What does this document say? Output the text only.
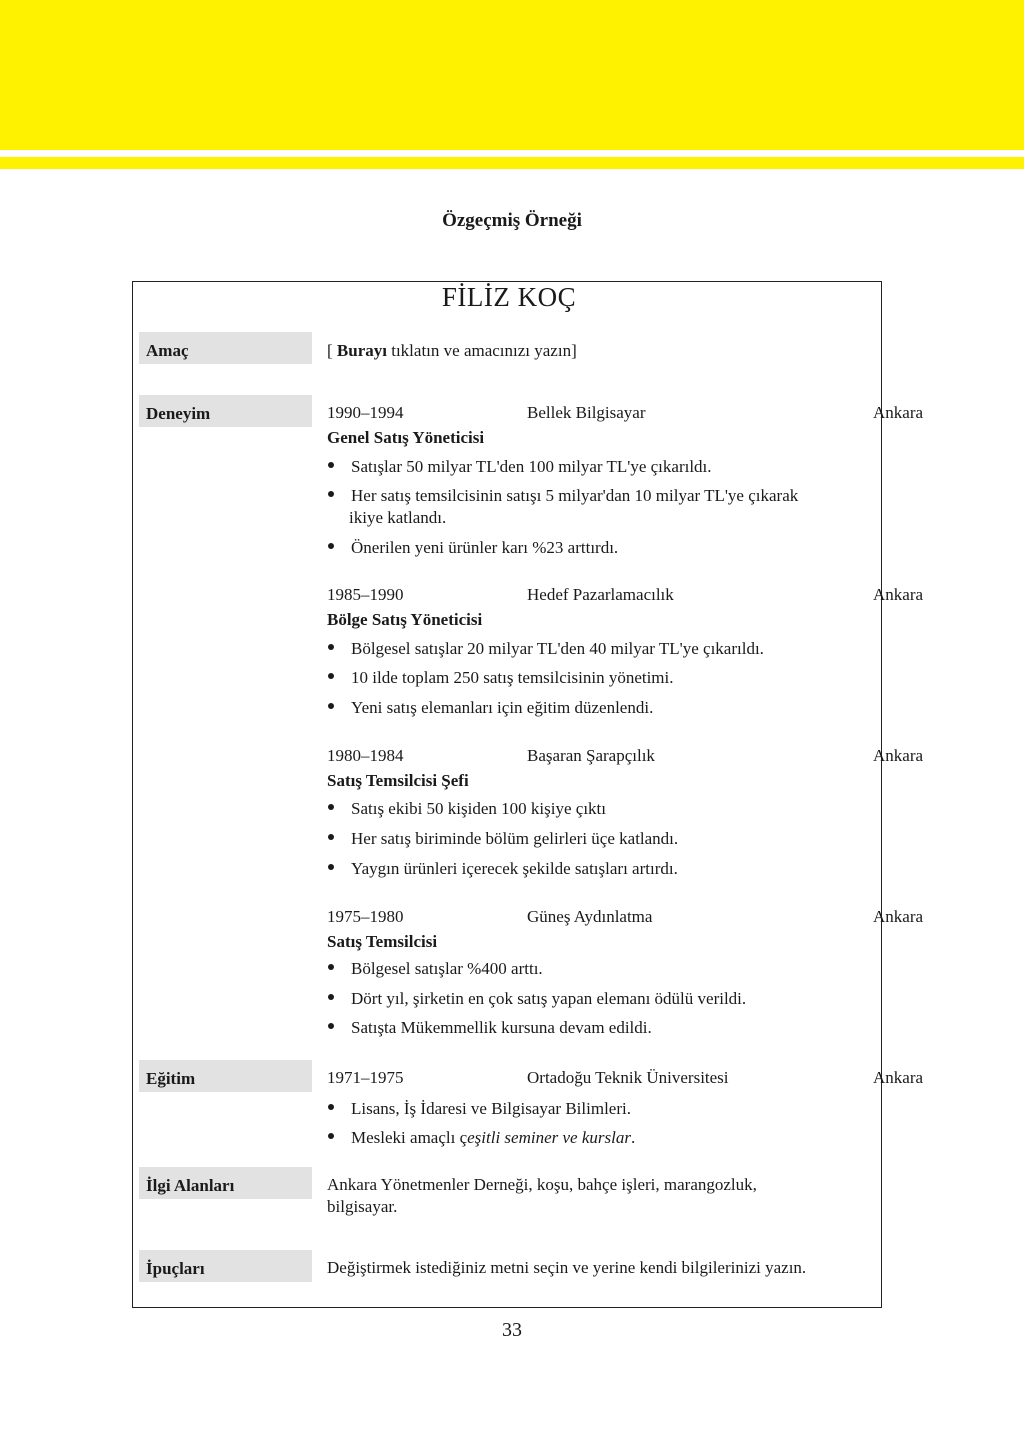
Özgeçmiş Örneği
FİLİZ KOÇ
Amaç	[ Burayı tıklatın ve amacınızı yazın]
Deneyim	1990–1994	Bellek Bilgisayar	Ankara
Genel Satış Yöneticisi
Satışlar 50 milyar TL'den 100 milyar TL'ye çıkarıldı.
Her satış temsilcisinin satışı 5 milyar'dan 10 milyar TL'ye çıkarak
ikiye katlandı.
Önerilen yeni ürünler karı %23 arttırdı.
1985–1990	Hedef Pazarlamacılık	Ankara
Bölge Satış Yöneticisi
Bölgesel satışlar 20 milyar TL'den 40 milyar TL'ye çıkarıldı.
10 ilde toplam 250 satış temsilcisinin yönetimi.
Yeni satış elemanları için eğitim düzenlendi.
1980–1984	Başaran Şarapçılık	Ankara
Satış Temsilcisi Şefi
Satış ekibi 50 kişiden 100 kişiye çıktı
Her satış biriminde bölüm gelirleri üçe katlandı.
Yaygın ürünleri içerecek şekilde satışları artırdı.
1975–1980	Güneş Aydınlatma	Ankara
Satış Temsilcisi
Bölgesel satışlar %400 arttı.
Dört yıl, şirketin en çok satış yapan elemanı ödülü verildi.
Satışta Mükemmellik kursuna devam edildi.
Eğitim	1971–1975	Ortadoğu Teknik Üniversitesi	Ankara
Lisans, İş İdaresi ve Bilgisayar Bilimleri.
Mesleki amaçlı çeşitli seminer ve kurslar.
İlgi Alanları	Ankara Yönetmenler Derneği, koşu, bahçe işleri, marangozluk,
bilgisayar.
İpuçları	Değiştirmek istediğiniz metni seçin ve yerine kendi bilgilerinizi yazın.
33
